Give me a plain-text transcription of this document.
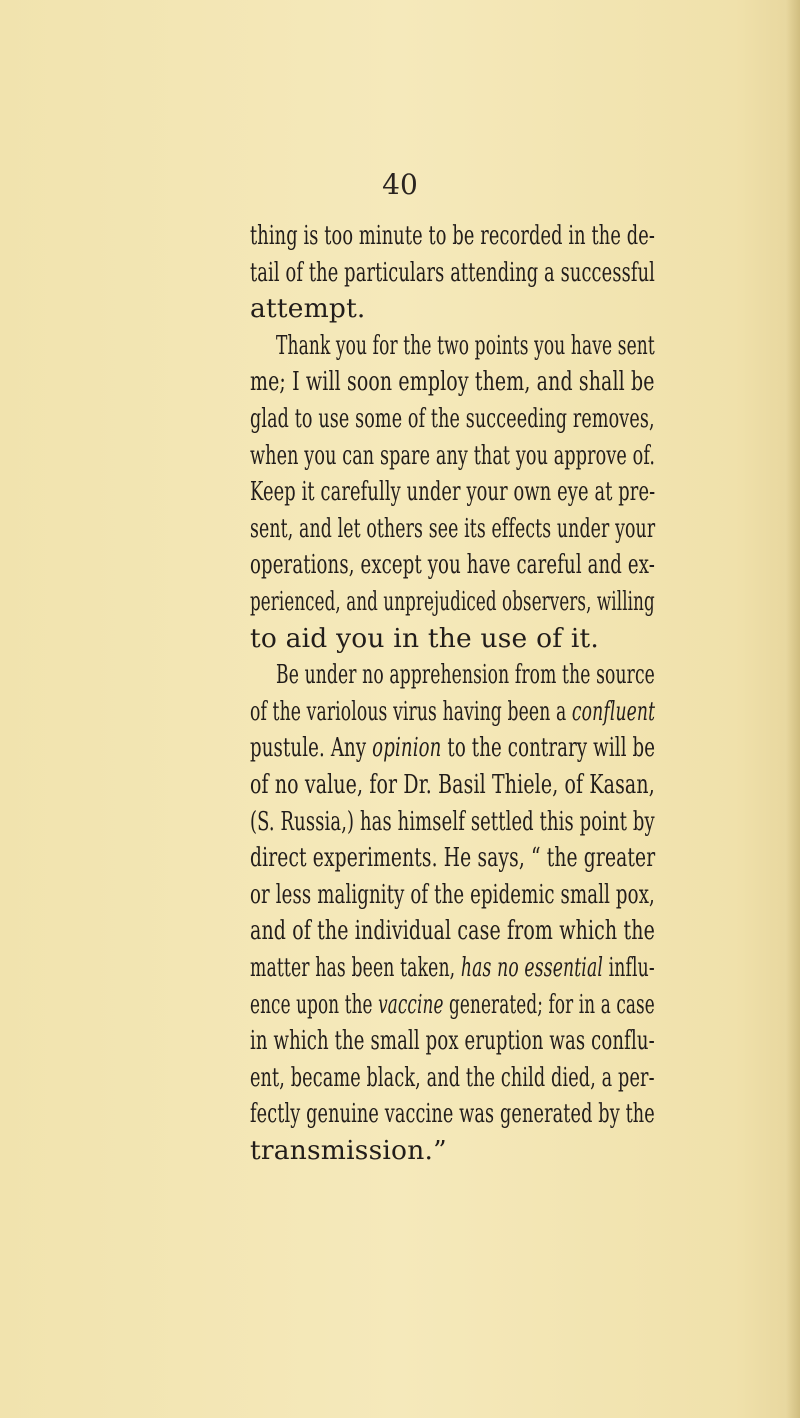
40

thing is too minute to be recorded in the de-
tail of the particulars attending a successful
attempt.
Thank you for the two points you have sent
me; I will soon employ them, and shall be
glad to use some of the succeeding removes,
when you can spare any that you approve of.
Keep it carefully under your own eye at pre-
sent, and let others see its effects under your
operations, except you have careful and ex-
perienced, and unprejudiced observers, willing
to aid you in the use of it.
Be under no apprehension from the source
of the variolous virus having been a confluent
pustule. Any opinion to the contrary will be
of no value, for Dr. Basil Thiele, of Kasan,
(S. Russia,) has himself settled this point by
direct experiments. He says, “ the greater
or less malignity of the epidemic small pox,
and of the individual case from which the
matter has been taken, has no essential influ-
ence upon the vaccine generated; for in a case
in which the small pox eruption was conflu-
ent, became black, and the child died, a per-
fectly genuine vaccine was generated by the
transmission.”
